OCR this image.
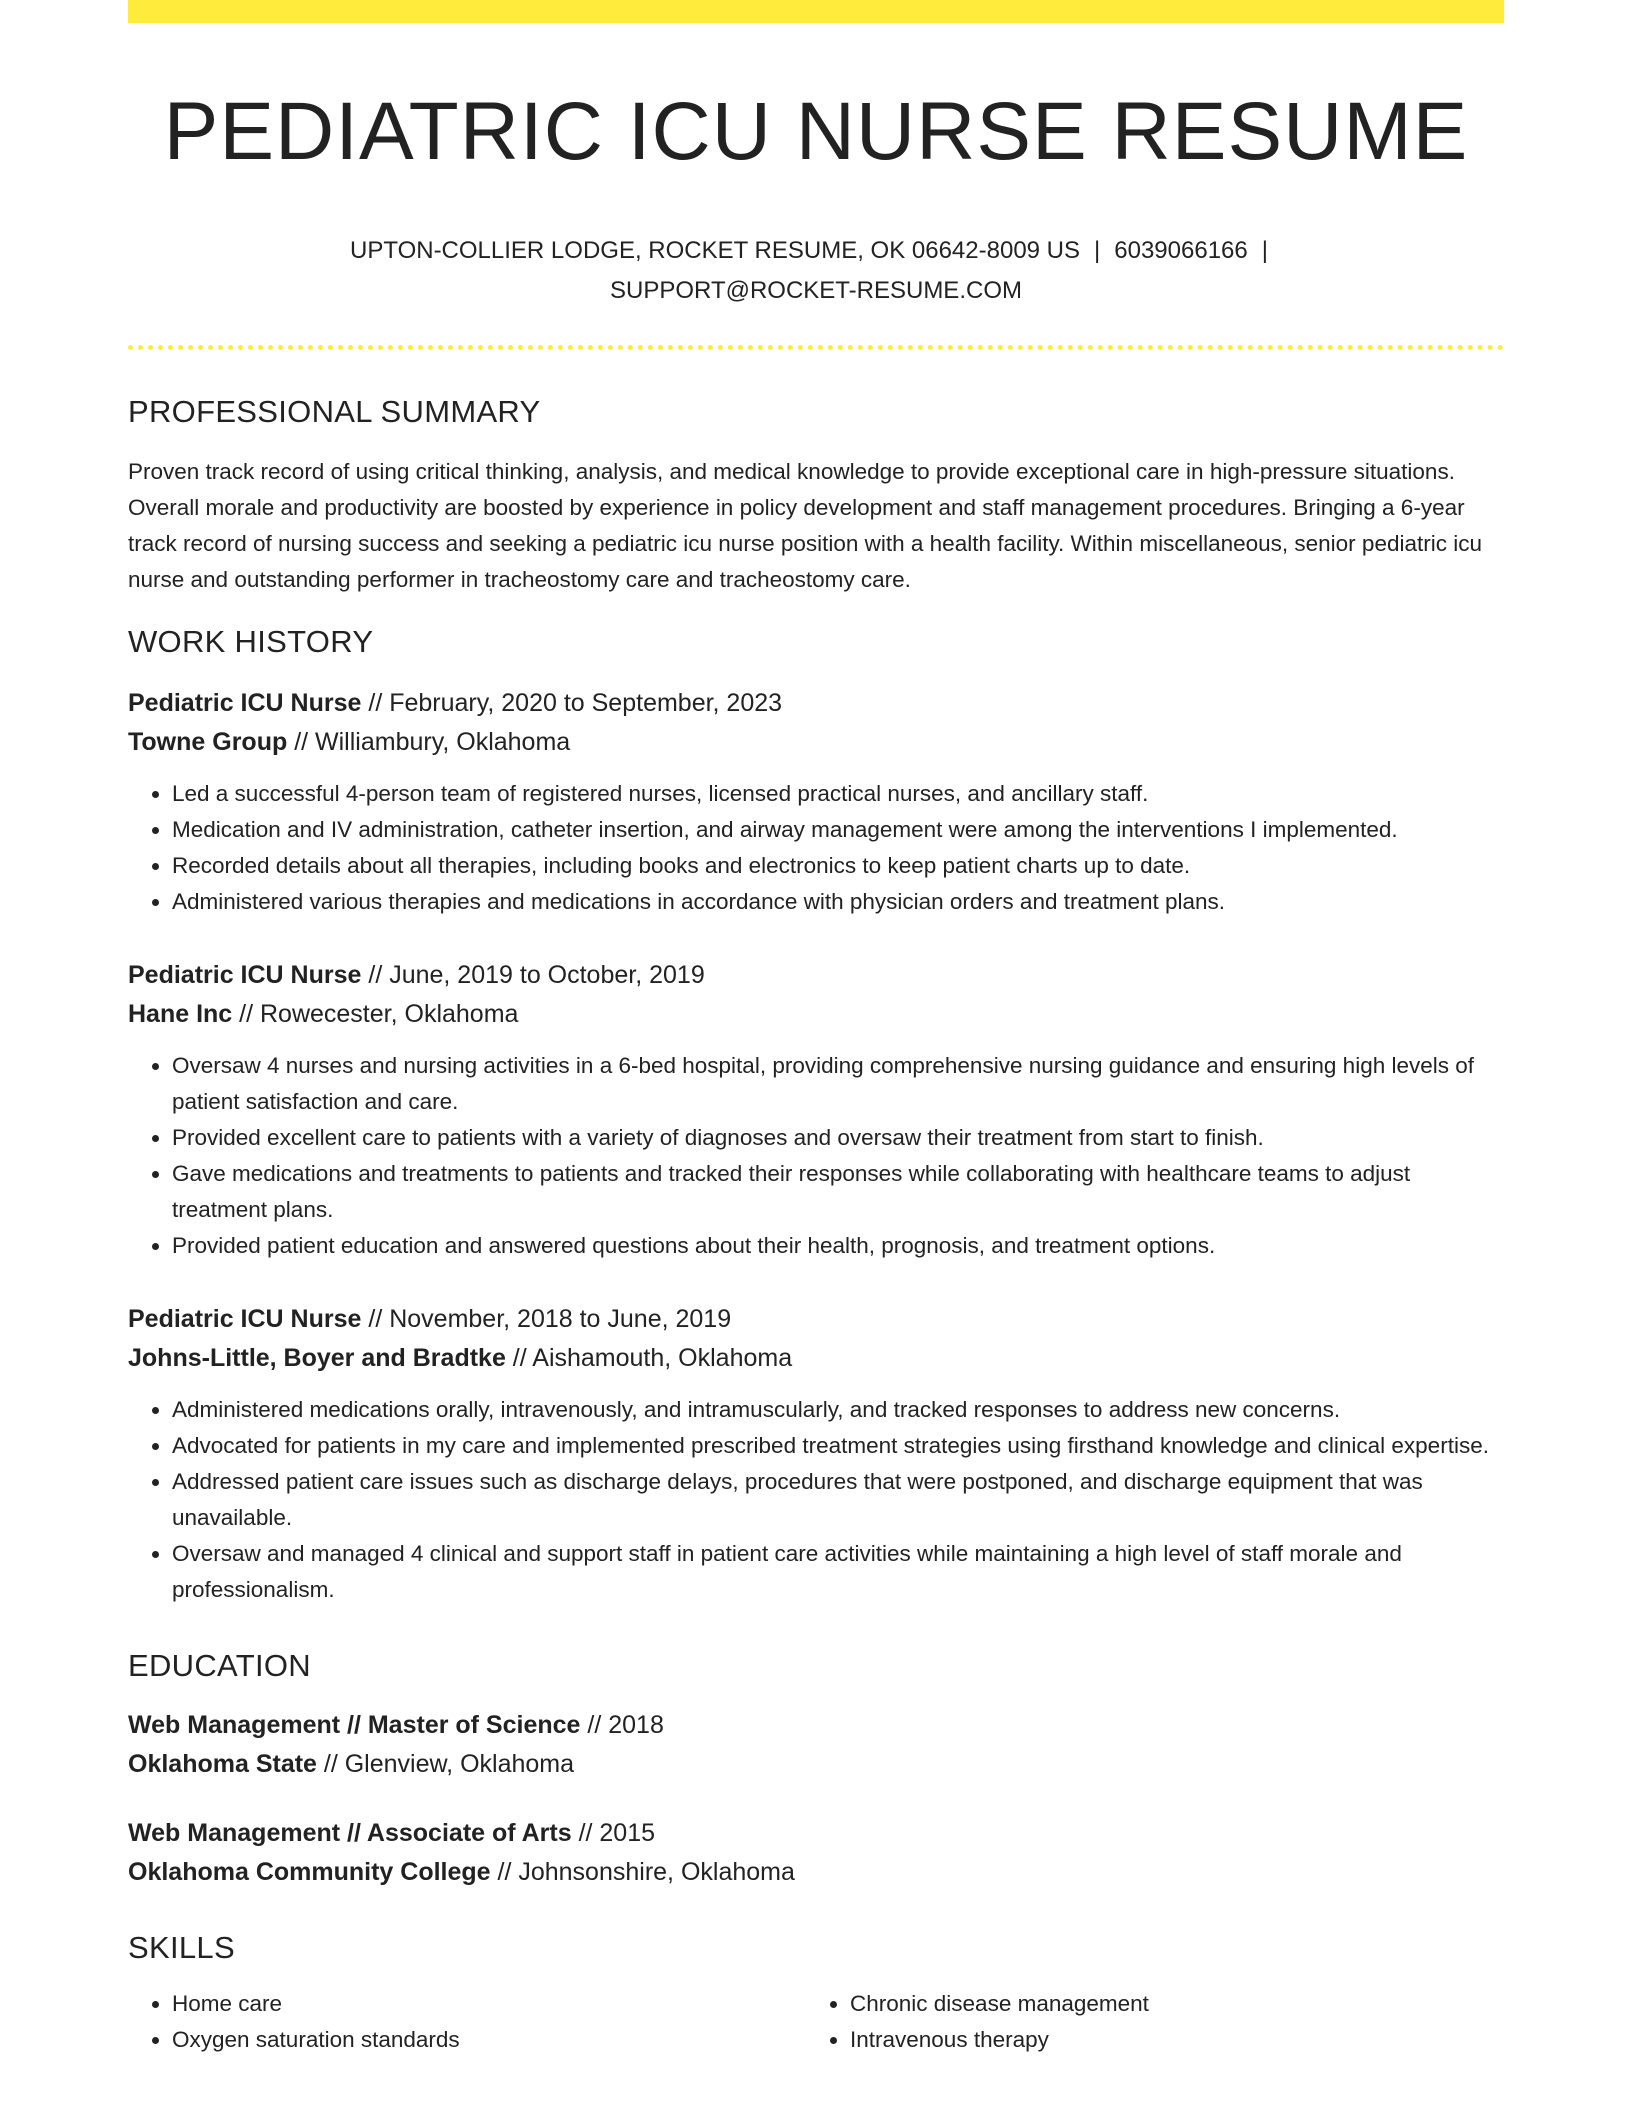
PEDIATRIC ICU NURSE RESUME
UPTON-COLLIER LODGE, ROCKET RESUME, OK 06642-8009 US | 6039066166 |
SUPPORT@ROCKET-RESUME.COM
PROFESSIONAL SUMMARY

Proven track record of using critical thinking, analysis, and medical knowledge to provide exceptional care in high-pressure situations. Overall morale and productivity are boosted by experience in policy development and staff management procedures. Bringing a 6-year track record of nursing success and seeking a pediatric icu nurse position with a health facility. Within miscellaneous, senior pediatric icu nurse and outstanding performer in tracheostomy care and tracheostomy care.

WORK HISTORY
Pediatric ICU Nurse // February, 2020 to September, 2023
Towne Group // Williambury, Oklahoma
• Led a successful 4-person team of registered nurses, licensed practical nurses, and ancillary staff.
• Medication and IV administration, catheter insertion, and airway management were among the interventions I implemented.
• Recorded details about all therapies, including books and electronics to keep patient charts up to date.
• Administered various therapies and medications in accordance with physician orders and treatment plans.
Pediatric ICU Nurse // June, 2019 to October, 2019
Hane Inc // Rowecester, Oklahoma
• Oversaw 4 nurses and nursing activities in a 6-bed hospital, providing comprehensive nursing guidance and ensuring high levels of patient satisfaction and care.
• Provided excellent care to patients with a variety of diagnoses and oversaw their treatment from start to finish.
• Gave medications and treatments to patients and tracked their responses while collaborating with healthcare teams to adjust treatment plans.
• Provided patient education and answered questions about their health, prognosis, and treatment options.
Pediatric ICU Nurse // November, 2018 to June, 2019
Johns-Little, Boyer and Bradtke // Aishamouth, Oklahoma
• Administered medications orally, intravenously, and intramuscularly, and tracked responses to address new concerns.
• Advocated for patients in my care and implemented prescribed treatment strategies using firsthand knowledge and clinical expertise.
• Addressed patient care issues such as discharge delays, procedures that were postponed, and discharge equipment that was unavailable.
• Oversaw and managed 4 clinical and support staff in patient care activities while maintaining a high level of staff morale and professionalism.
EDUCATION
Web Management // Master of Science // 2018
Oklahoma State // Glenview, Oklahoma
Web Management // Associate of Arts // 2015
Oklahoma Community College // Johnsonshire, Oklahoma
SKILLS
• Home care
• Oxygen saturation standards
• Chronic disease management
• Intravenous therapy
